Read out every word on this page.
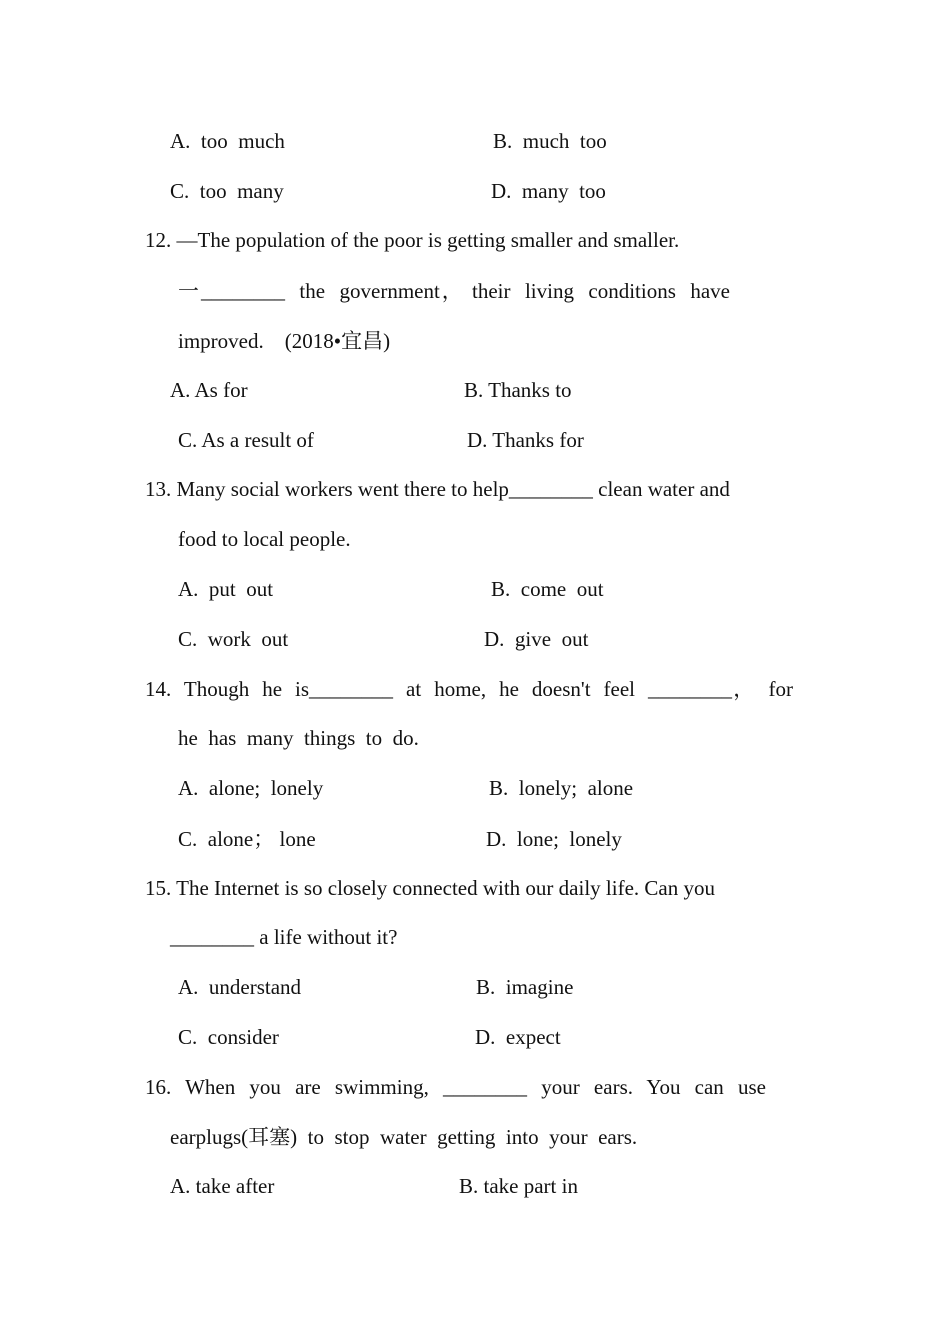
A.  too  much	B.  much  too
C.  too  many	D.  many  too
12. —The population of the poor is getting smaller and smaller.
一________  the  government， their  living  conditions  have
improved.    (2018•宜昌)
A. As for	B. Thanks to
C. As a result of	D. Thanks for
13. Many social workers went there to help________ clean water and
food to local people.
A.  put  out	B.  come  out
C.  work  out	D.  give  out
14.  Though  he  is________  at  home,  he  doesn't  feel  ________，  for
he  has  many  things  to  do.
A.  alone;  lonely	B.  lonely;  alone
C.  alone； lone	D.  lone;  lonely
15. The Internet is so closely connected with our daily life. Can you
________ a life without it?
A.  understand	B.  imagine
C.  consider	D.  expect
16.  When  you  are  swimming,  ________  your  ears.  You  can  use
earplugs(耳塞)  to  stop  water  getting  into  your  ears.
A. take after	B. take part in
